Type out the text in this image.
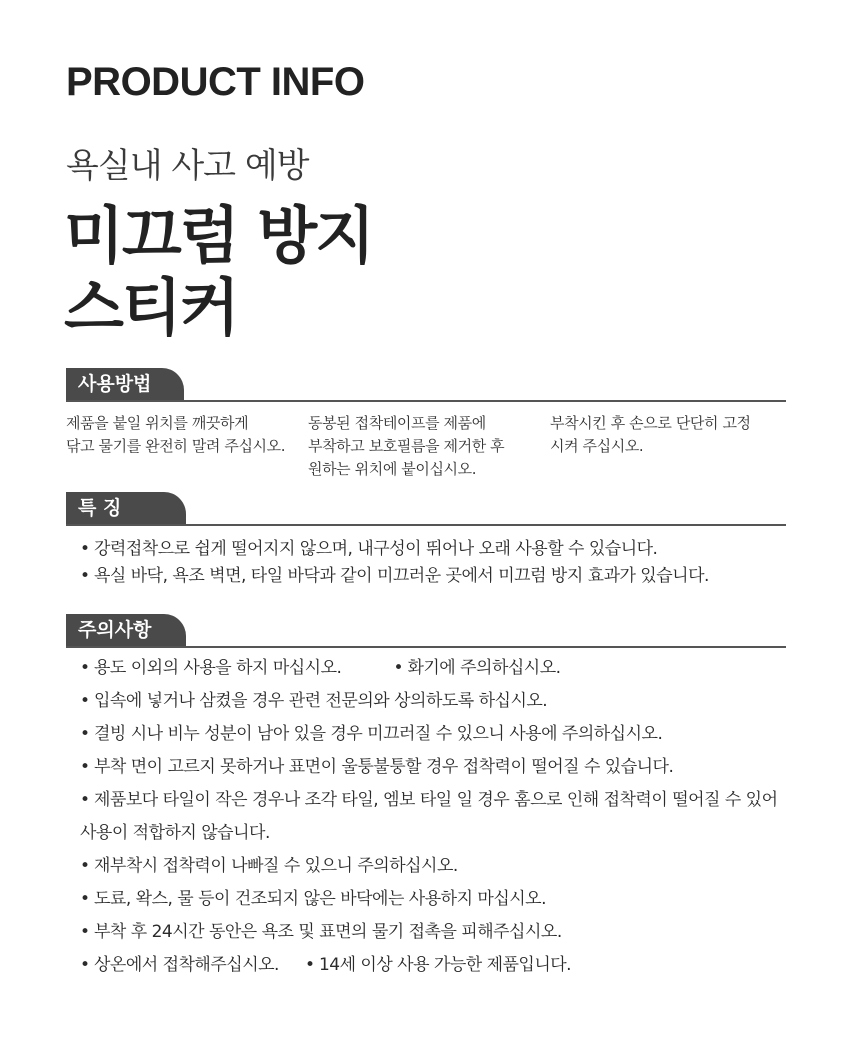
PRODUCT INFO
욕실내 사고 예방
미끄럼 방지
스티커
사용방법
제품을 붙일 위치를 깨끗하게
닦고 물기를 완전히 말려 주십시오.
동봉된 접착테이프를 제품에
부착하고 보호필름을 제거한 후
원하는 위치에 붙이십시오.
부착시킨 후 손으로 단단히 고정
시켜 주십시오.
특 징
• 강력접착으로 쉽게 떨어지지 않으며, 내구성이 뛰어나 오래 사용할 수 있습니다.
• 욕실 바닥, 욕조 벽면, 타일 바닥과 같이 미끄러운 곳에서 미끄럼 방지 효과가 있습니다.
주의사항
• 용도 이외의 사용을 하지 마십시오.	• 화기에 주의하십시오.
• 입속에 넣거나 삼켰을 경우 관련 전문의와 상의하도록 하십시오.
• 결빙 시나 비누 성분이 남아 있을 경우 미끄러질 수 있으니 사용에 주의하십시오.
• 부착 면이 고르지 못하거나 표면이 울퉁불퉁할 경우 접착력이 떨어질 수 있습니다.
• 제품보다 타일이 작은 경우나 조각 타일, 엠보 타일 일 경우 홈으로 인해 접착력이 떨어질 수 있어 사용이 적합하지 않습니다.
• 재부착시 접착력이 나빠질 수 있으니 주의하십시오.
• 도료, 왁스, 물 등이 건조되지 않은 바닥에는 사용하지 마십시오.
• 부착 후 24시간 동안은 욕조 및 표면의 물기 접촉을 피해주십시오.
• 상온에서 접착해주십시오. • 14세 이상 사용 가능한 제품입니다.
